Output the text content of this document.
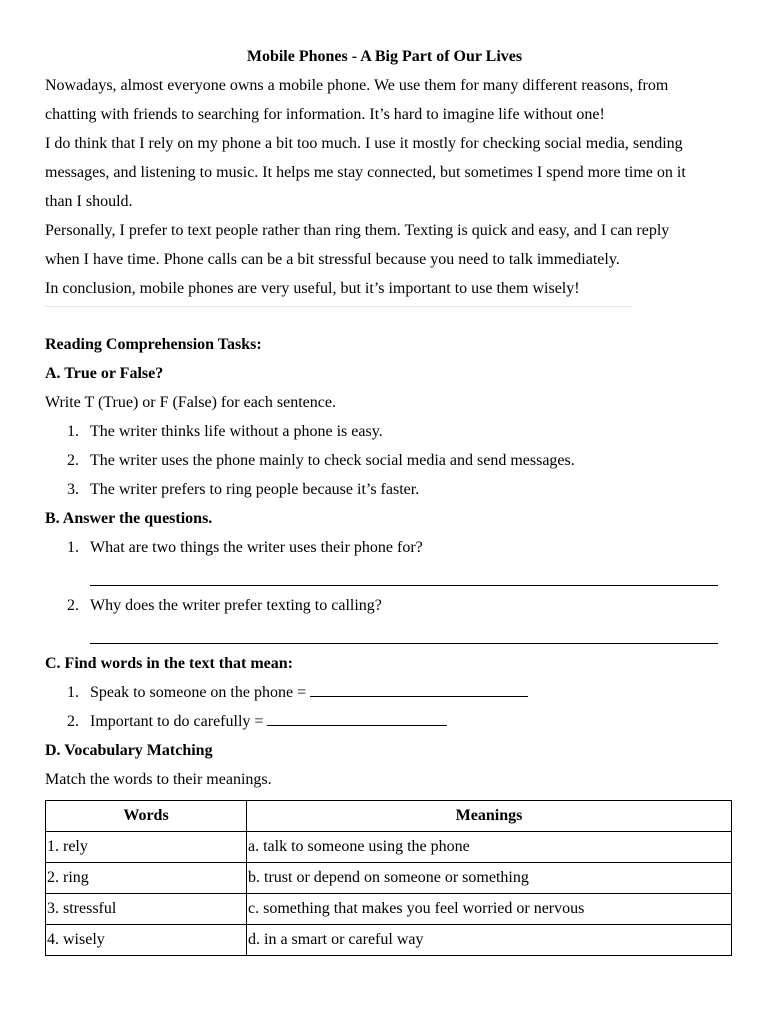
Mobile Phones - A Big Part of Our Lives

Nowadays, almost everyone owns a mobile phone. We use them for many different reasons, from

chatting with friends to searching for information. It’s hard to imagine life without one!

I do think that I rely on my phone a bit too much. I use it mostly for checking social media, sending

messages, and listening to music. It helps me stay connected, but sometimes I spend more time on it

than I should.

Personally, I prefer to text people rather than ring them. Texting is quick and easy, and I can reply

when I have time. Phone calls can be a bit stressful because you need to talk immediately.

In conclusion, mobile phones are very useful, but it’s important to use them wisely!

Reading Comprehension Tasks:

A. True or False?

Write T (True) or F (False) for each sentence.

1. The writer thinks life without a phone is easy.
2. The writer uses the phone mainly to check social media and send messages.
3. The writer prefers to ring people because it’s faster.

B. Answer the questions.

1. What are two things the writer uses their phone for?
2. Why does the writer prefer texting to calling?

C. Find words in the text that mean:

1. Speak to someone on the phone =
2. Important to do carefully =

D. Vocabulary Matching

Match the words to their meanings.

Words	Meanings
1. rely	a. talk to someone using the phone
2. ring	b. trust or depend on someone or something
3. stressful	c. something that makes you feel worried or nervous
4. wisely	d. in a smart or careful way
